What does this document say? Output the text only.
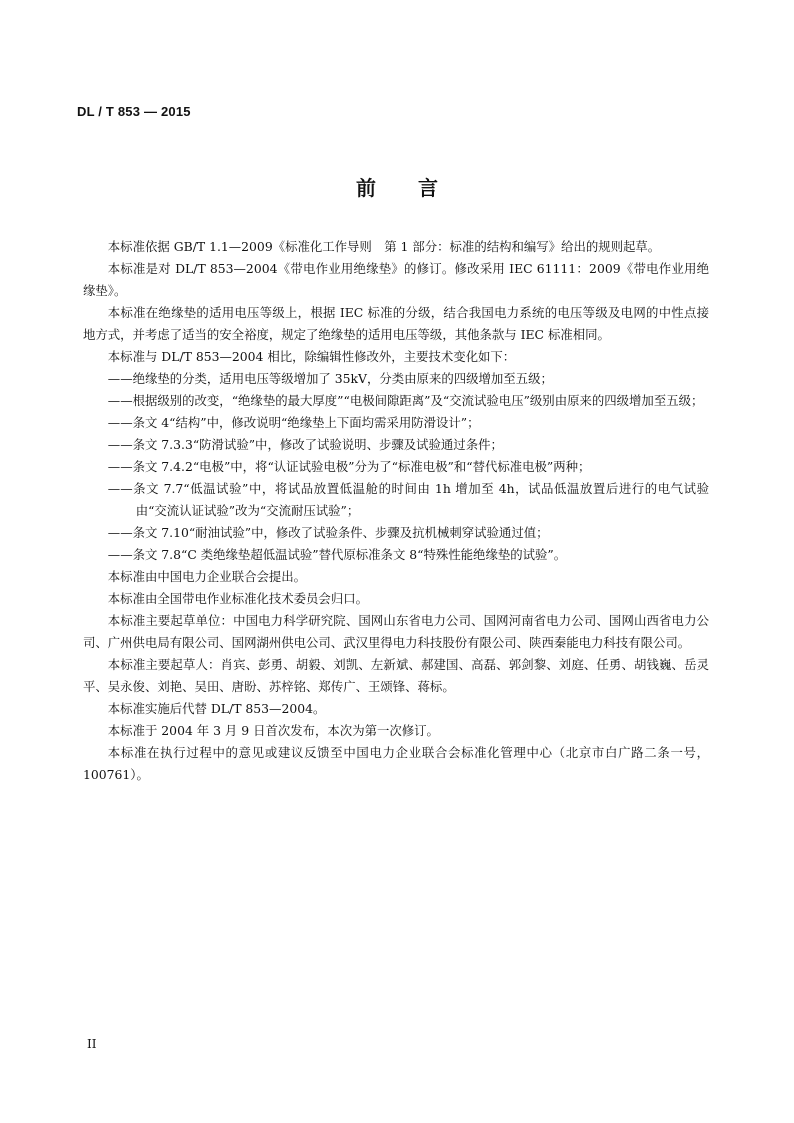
DL / T 853 — 2015
前言

本标准依据 GB/T 1.1—2009《标准化工作导则　第 1 部分：标准的结构和编写》给出的规则起草。

本标准是对 DL/T 853—2004《带电作业用绝缘垫》的修订。修改采用 IEC 61111：2009《带电作业用绝缘垫》。

本标准在绝缘垫的适用电压等级上，根据 IEC 标准的分级，结合我国电力系统的电压等级及电网的中性点接地方式，并考虑了适当的安全裕度，规定了绝缘垫的适用电压等级，其他条款与 IEC 标准相同。

本标准与 DL/T 853—2004 相比，除编辑性修改外，主要技术变化如下：

——绝缘垫的分类，适用电压等级增加了 35kV，分类由原来的四级增加至五级；

——根据级别的改变，“绝缘垫的最大厚度”“电极间隙距离”及“交流试验电压”级别由原来的四级增加至五级；

——条文 4“结构”中，修改说明“绝缘垫上下面均需采用防滑设计”；

——条文 7.3.3“防滑试验”中，修改了试验说明、步骤及试验通过条件；

——条文 7.4.2“电极”中，将“认证试验电极”分为了“标准电极”和“替代标准电极”两种；

——条文 7.7“低温试验”中，将试品放置低温舱的时间由 1h 增加至 4h，试品低温放置后进行的电气试验由“交流认证试验”改为“交流耐压试验”；

——条文 7.10“耐油试验”中，修改了试验条件、步骤及抗机械刺穿试验通过值；

——条文 7.8“C 类绝缘垫超低温试验”替代原标准条文 8“特殊性能绝缘垫的试验”。

本标准由中国电力企业联合会提出。

本标准由全国带电作业标准化技术委员会归口。

本标准主要起草单位：中国电力科学研究院、国网山东省电力公司、国网河南省电力公司、国网山西省电力公司、广州供电局有限公司、国网湖州供电公司、武汉里得电力科技股份有限公司、陕西秦能电力科技有限公司。

本标准主要起草人：肖宾、彭勇、胡毅、刘凯、左新斌、郝建国、高磊、郭剑黎、刘庭、任勇、胡钱巍、岳灵平、吴永俊、刘艳、吴田、唐盼、苏梓铭、郑传广、王颂锋、蒋标。

本标准实施后代替 DL/T 853—2004。

本标准于 2004 年 3 月 9 日首次发布，本次为第一次修订。

本标准在执行过程中的意见或建议反馈至中国电力企业联合会标准化管理中心（北京市白广路二条一号，100761）。

II
